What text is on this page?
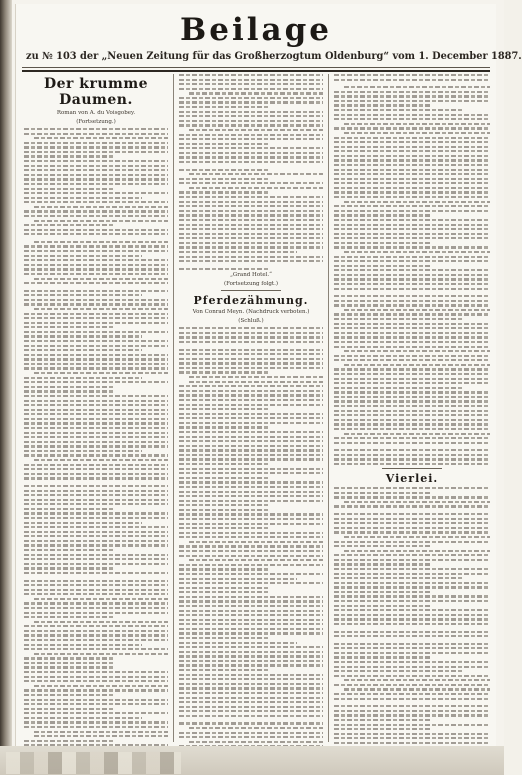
Beilage
zu № 103 der „Neuen Zeitung für das Großherzogtum Oldenburg“ vom 1. December 1887.
Der krumme Daumen.
Roman von A. du Voisgobey.
(Fortsetzung.)
„Grand Hotel.“
(Fortsetzung folgt.)
Pferdezähmung.
Von Conrad Meyn. (Nachdruck verboten.)
(Schluß.)
Vierlei.
